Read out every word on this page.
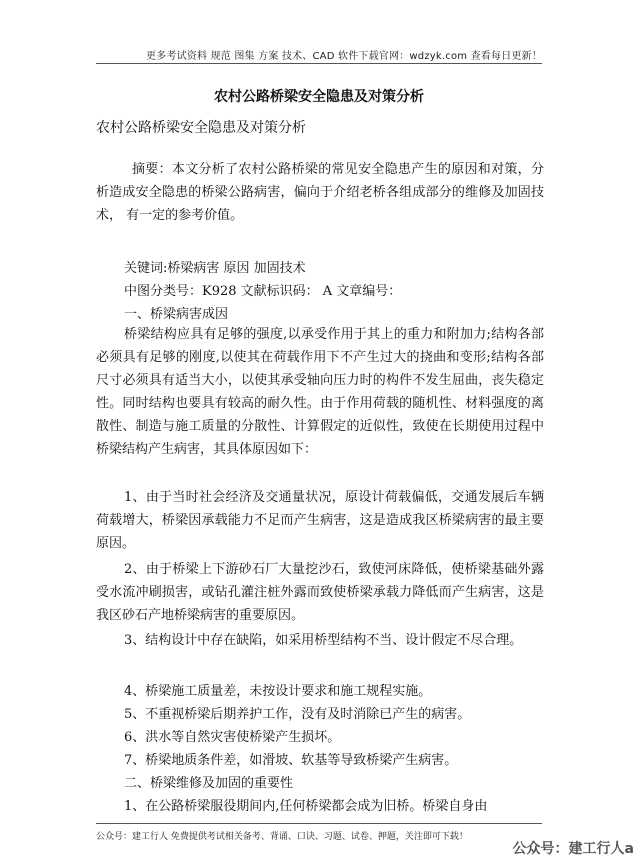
更多考试资料 规范 图集 方案 技术、CAD 软件下载官网：wdzyk.com 查看每日更新！
农村公路桥梁安全隐患及对策分析
农村公路桥梁安全隐患及对策分析
摘要：本文分析了农村公路桥梁的常见安全隐患产生的原因和对策，分析造成安全隐患的桥梁公路病害，偏向于介绍老桥各组成部分的维修及加固技术， 有一定的参考价值。
关键词:桥梁病害 原因 加固技术
中图分类号：K928 文献标识码： A 文章编号：
一、桥梁病害成因
桥梁结构应具有足够的强度,以承受作用于其上的重力和附加力;结构各部必须具有足够的刚度,以使其在荷载作用下不产生过大的挠曲和变形;结构各部尺寸必须具有适当大小，以使其承受轴向压力时的构件不发生屈曲，丧失稳定性。同时结构也要具有较高的耐久性。由于作用荷载的随机性、材料强度的离散性、制造与施工质量的分散性、计算假定的近似性，致使在长期使用过程中桥梁结构产生病害，其具体原因如下：
1、由于当时社会经济及交通量状况，原设计荷载偏低，交通发展后车辆荷载增大，桥梁因承载能力不足而产生病害，这是造成我区桥梁病害的最主要原因。
2、由于桥梁上下游砂石厂大量挖沙石，致使河床降低，使桥梁基础外露受水流冲刷损害，或钻孔灌注桩外露而致使桥梁承载力降低而产生病害，这是我区砂石产地桥梁病害的重要原因。
3、结构设计中存在缺陷，如采用桥型结构不当、设计假定不尽合理。
4、桥梁施工质量差，未按设计要求和施工规程实施。
5、不重视桥梁后期养护工作，没有及时消除已产生的病害。
6、洪水等自然灾害使桥梁产生损坏。
7、桥梁地质条件差，如滑坡、软基等导致桥梁产生病害。
二、桥梁维修及加固的重要性
1、在公路桥梁服役期间内,任何桥梁都会成为旧桥。桥梁自身由
公众号：建工行人 免费提供考试相关备考、背诵、口诀、习题、试卷、押题，关注即可下载！
公众号：建工行人a
